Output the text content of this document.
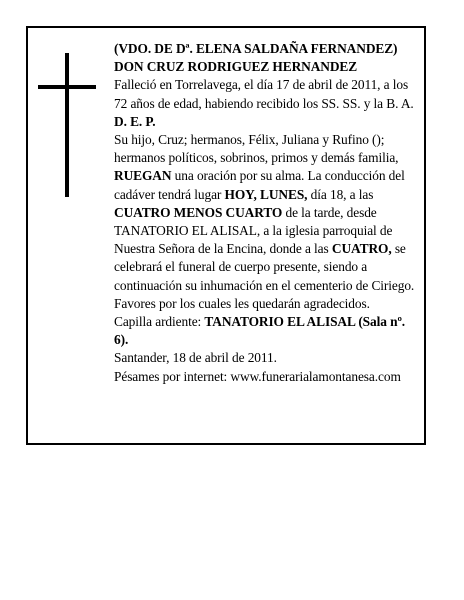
(VDO. DE Dª. ELENA SALDAÑA FERNANDEZ)

DON CRUZ RODRIGUEZ HERNANDEZ

Falleció en Torrelavega, el día 17 de abril de 2011, a los 72 años de edad, habiendo recibido los SS. SS. y la B. A.

D. E. P.

Su hijo, Cruz; hermanos, Félix, Juliana y Rufino (); hermanos políticos, sobrinos, primos y demás familia,

RUEGAN una oración por su alma. La conducción del cadáver tendrá lugar HOY, LUNES, día 18, a las CUATRO MENOS CUARTO de la tarde, desde TANATORIO EL ALISAL, a la iglesia parroquial de Nuestra Señora de la Encina, donde a las CUATRO, se celebrará el funeral de cuerpo presente, siendo a continuación su inhumación en el cementerio de Ciriego. Favores por los cuales les quedarán agradecidos.

Capilla ardiente: TANATORIO EL ALISAL (Sala nº. 6).

Santander, 18 de abril de 2011.

Pésames por internet: www.funerarialamontanesa.com
